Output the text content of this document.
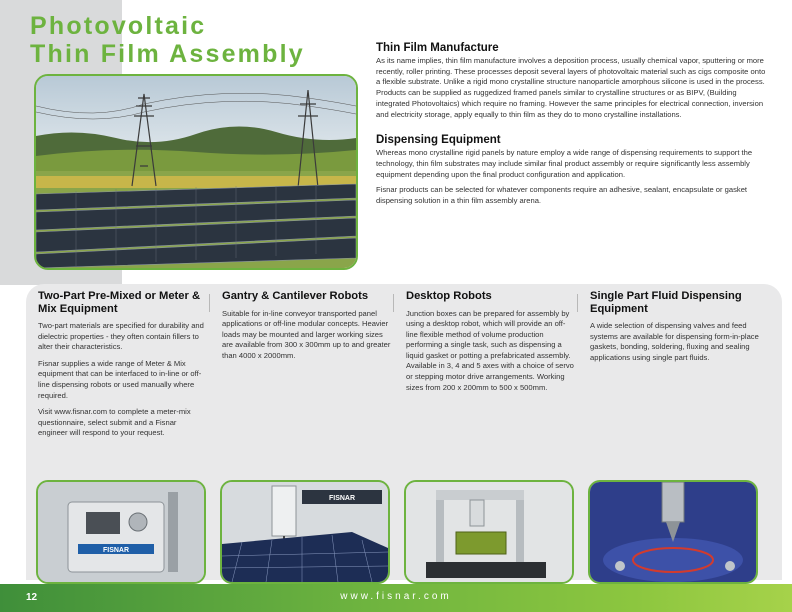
Photovoltaic
Thin Film Assembly	Thin Film Manufacture

As its name implies, thin film manufacture involves a deposition process, usually chemical vapor, sputtering or more recently, roller printing. These processes deposit several layers of photovoltaic material such as cigs composite onto a flexible substrate. Unlike a rigid mono crystalline structure nanoparticle amorphous silicone is used in the process. Products can be supplied as ruggedized framed panels similar to crystalline structures or as BIPV, (Building integrated Photovoltaics) which require no framing. However the same principles for electrical connection, inversion and electricity storage, apply equally to thin film as they do to mono crystalline installations.

Dispensing Equipment

Whereas mono crystalline rigid panels by nature employ a wide range of dispensing requirements to support the technology, thin film substrates may include similar final product assembly or require significantly less assembly equipment depending upon the final product configuration and application.

Fisnar products can be selected for whatever components require an adhesive, sealant, encapsulate or gasket dispensing solution in a thin film assembly arena.

Two-Part Pre-Mixed or Meter & Mix Equipment

Two-part materials are specified for durability and dielectric properties - they often contain fillers to alter their characteristics.

Fisnar supplies a wide range of Meter & Mix equipment that can be interfaced to in-line or off-line dispensing robots or used manually where required.

Visit www.fisnar.com to complete a meter-mix questionnaire, select submit and a Fisnar engineer will respond to your request.

Gantry & Cantilever Robots

Suitable for in-line conveyor transported panel applications or off-line modular concepts. Heavier loads may be mounted and larger working sizes are available from 300 x 300mm up to and greater than 4000 x 2000mm.

Desktop Robots

Junction boxes can be prepared for assembly by using a desktop robot, which will provide an off-line flexible method of volume production performing a single task, such as dispensing a liquid gasket or potting a prefabricated assembly. Available in 3, 4 and 5 axes with a choice of servo or stepping motor drive arrangements. Working sizes from 200 x 200mm to 500 x 500mm.

Single Part Fluid Dispensing Equipment

A wide selection of dispensing valves and feed systems are available for dispensing form-in-place gaskets, bonding, soldering, fluxing and sealing applications using single part fluids.

FISNAR
FISNAR
12	www.fisnar.com
